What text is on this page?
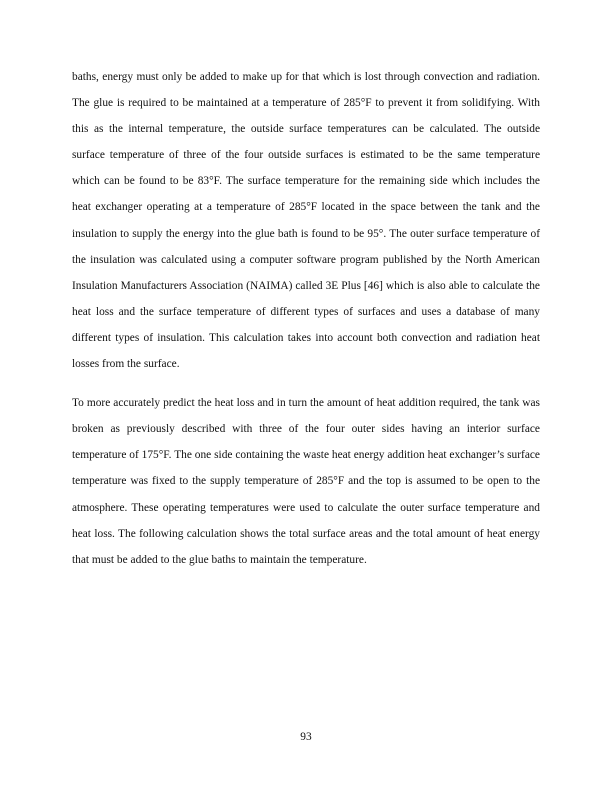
baths, energy must only be added to make up for that which is lost through convection and radiation. The glue is required to be maintained at a temperature of 285°F to prevent it from solidifying. With this as the internal temperature, the outside surface temperatures can be calculated. The outside surface temperature of three of the four outside surfaces is estimated to be the same temperature which can be found to be 83°F. The surface temperature for the remaining side which includes the heat exchanger operating at a temperature of 285°F located in the space between the tank and the insulation to supply the energy into the glue bath is found to be 95°. The outer surface temperature of the insulation was calculated using a computer software program published by the North American Insulation Manufacturers Association (NAIMA) called 3E Plus [46] which is also able to calculate the heat loss and the surface temperature of different types of surfaces and uses a database of many different types of insulation. This calculation takes into account both convection and radiation heat losses from the surface.

To more accurately predict the heat loss and in turn the amount of heat addition required, the tank was broken as previously described with three of the four outer sides having an interior surface temperature of 175°F. The one side containing the waste heat energy addition heat exchanger’s surface temperature was fixed to the supply temperature of 285°F and the top is assumed to be open to the atmosphere. These operating temperatures were used to calculate the outer surface temperature and heat loss. The following calculation shows the total surface areas and the total amount of heat energy that must be added to the glue baths to maintain the temperature.

93
